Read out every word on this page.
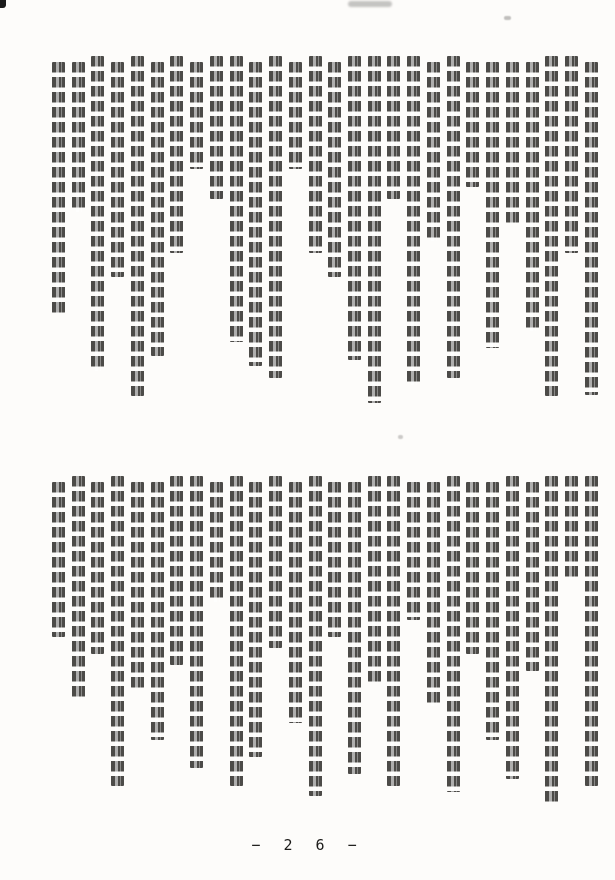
− 2 6 −
